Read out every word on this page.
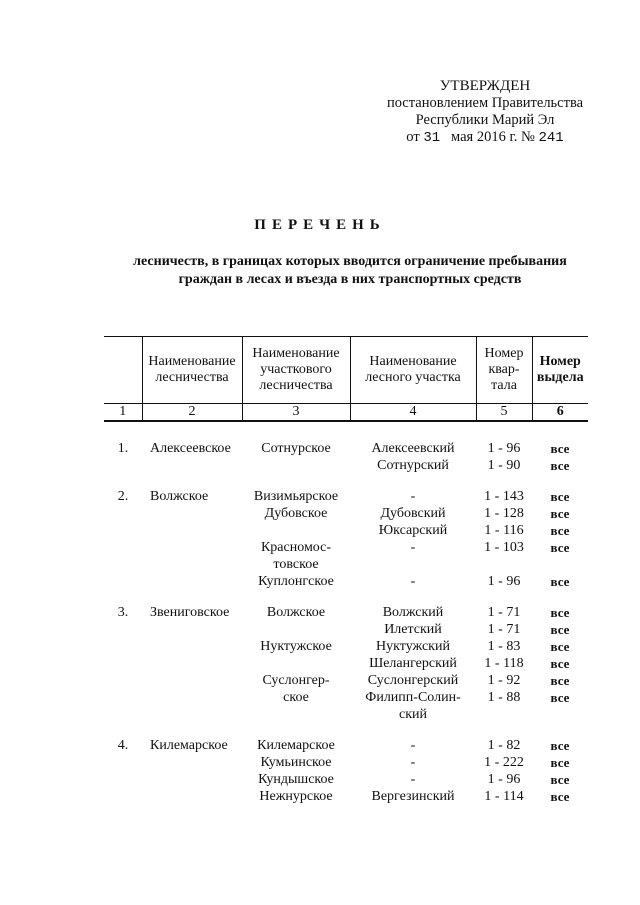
УТВЕРЖДЕН
постановлением Правительства
Республики Марий Эл
от 31 мая 2016 г. № 241
ПЕРЕЧЕНЬ
лесничеств, в границах которых вводится ограничение пребывания
граждан в лесах и въезда в них транспортных средств
	Наименование лесничества	Наименование участкового лесничества	Наименование лесного участка	Номер квар-тала	Номер выдела
1	2	3	4	5	6

1.	Алексеевское	Сотнурское	Алексеевский	1 - 96	все
			Сотнурский	1 - 90	все

2.	Волжское	Визимьярское	-	1 - 143	все
		Дубовское	Дубовский	1 - 128	все
			Юксарский	1 - 116	все
		Красномос-	-	1 - 103	все
		товское			
		Куплонгское	-	1 - 96	все

3.	Звениговское	Волжское	Волжский	1 - 71	все
			Илетский	1 - 71	все
		Нуктужское	Нуктужский	1 - 83	все
			Шелангерский	1 - 118	все
		Суслонгер-	Суслонгерский	1 - 92	все
		ское	Филипп-Солин-	1 - 88	все
			ский		

4.	Килемарское	Килемарское	-	1 - 82	все
		Кумьинское	-	1 - 222	все
		Кундышское	-	1 - 96	все
		Нежнурское	Вергезинский	1 - 114	все
